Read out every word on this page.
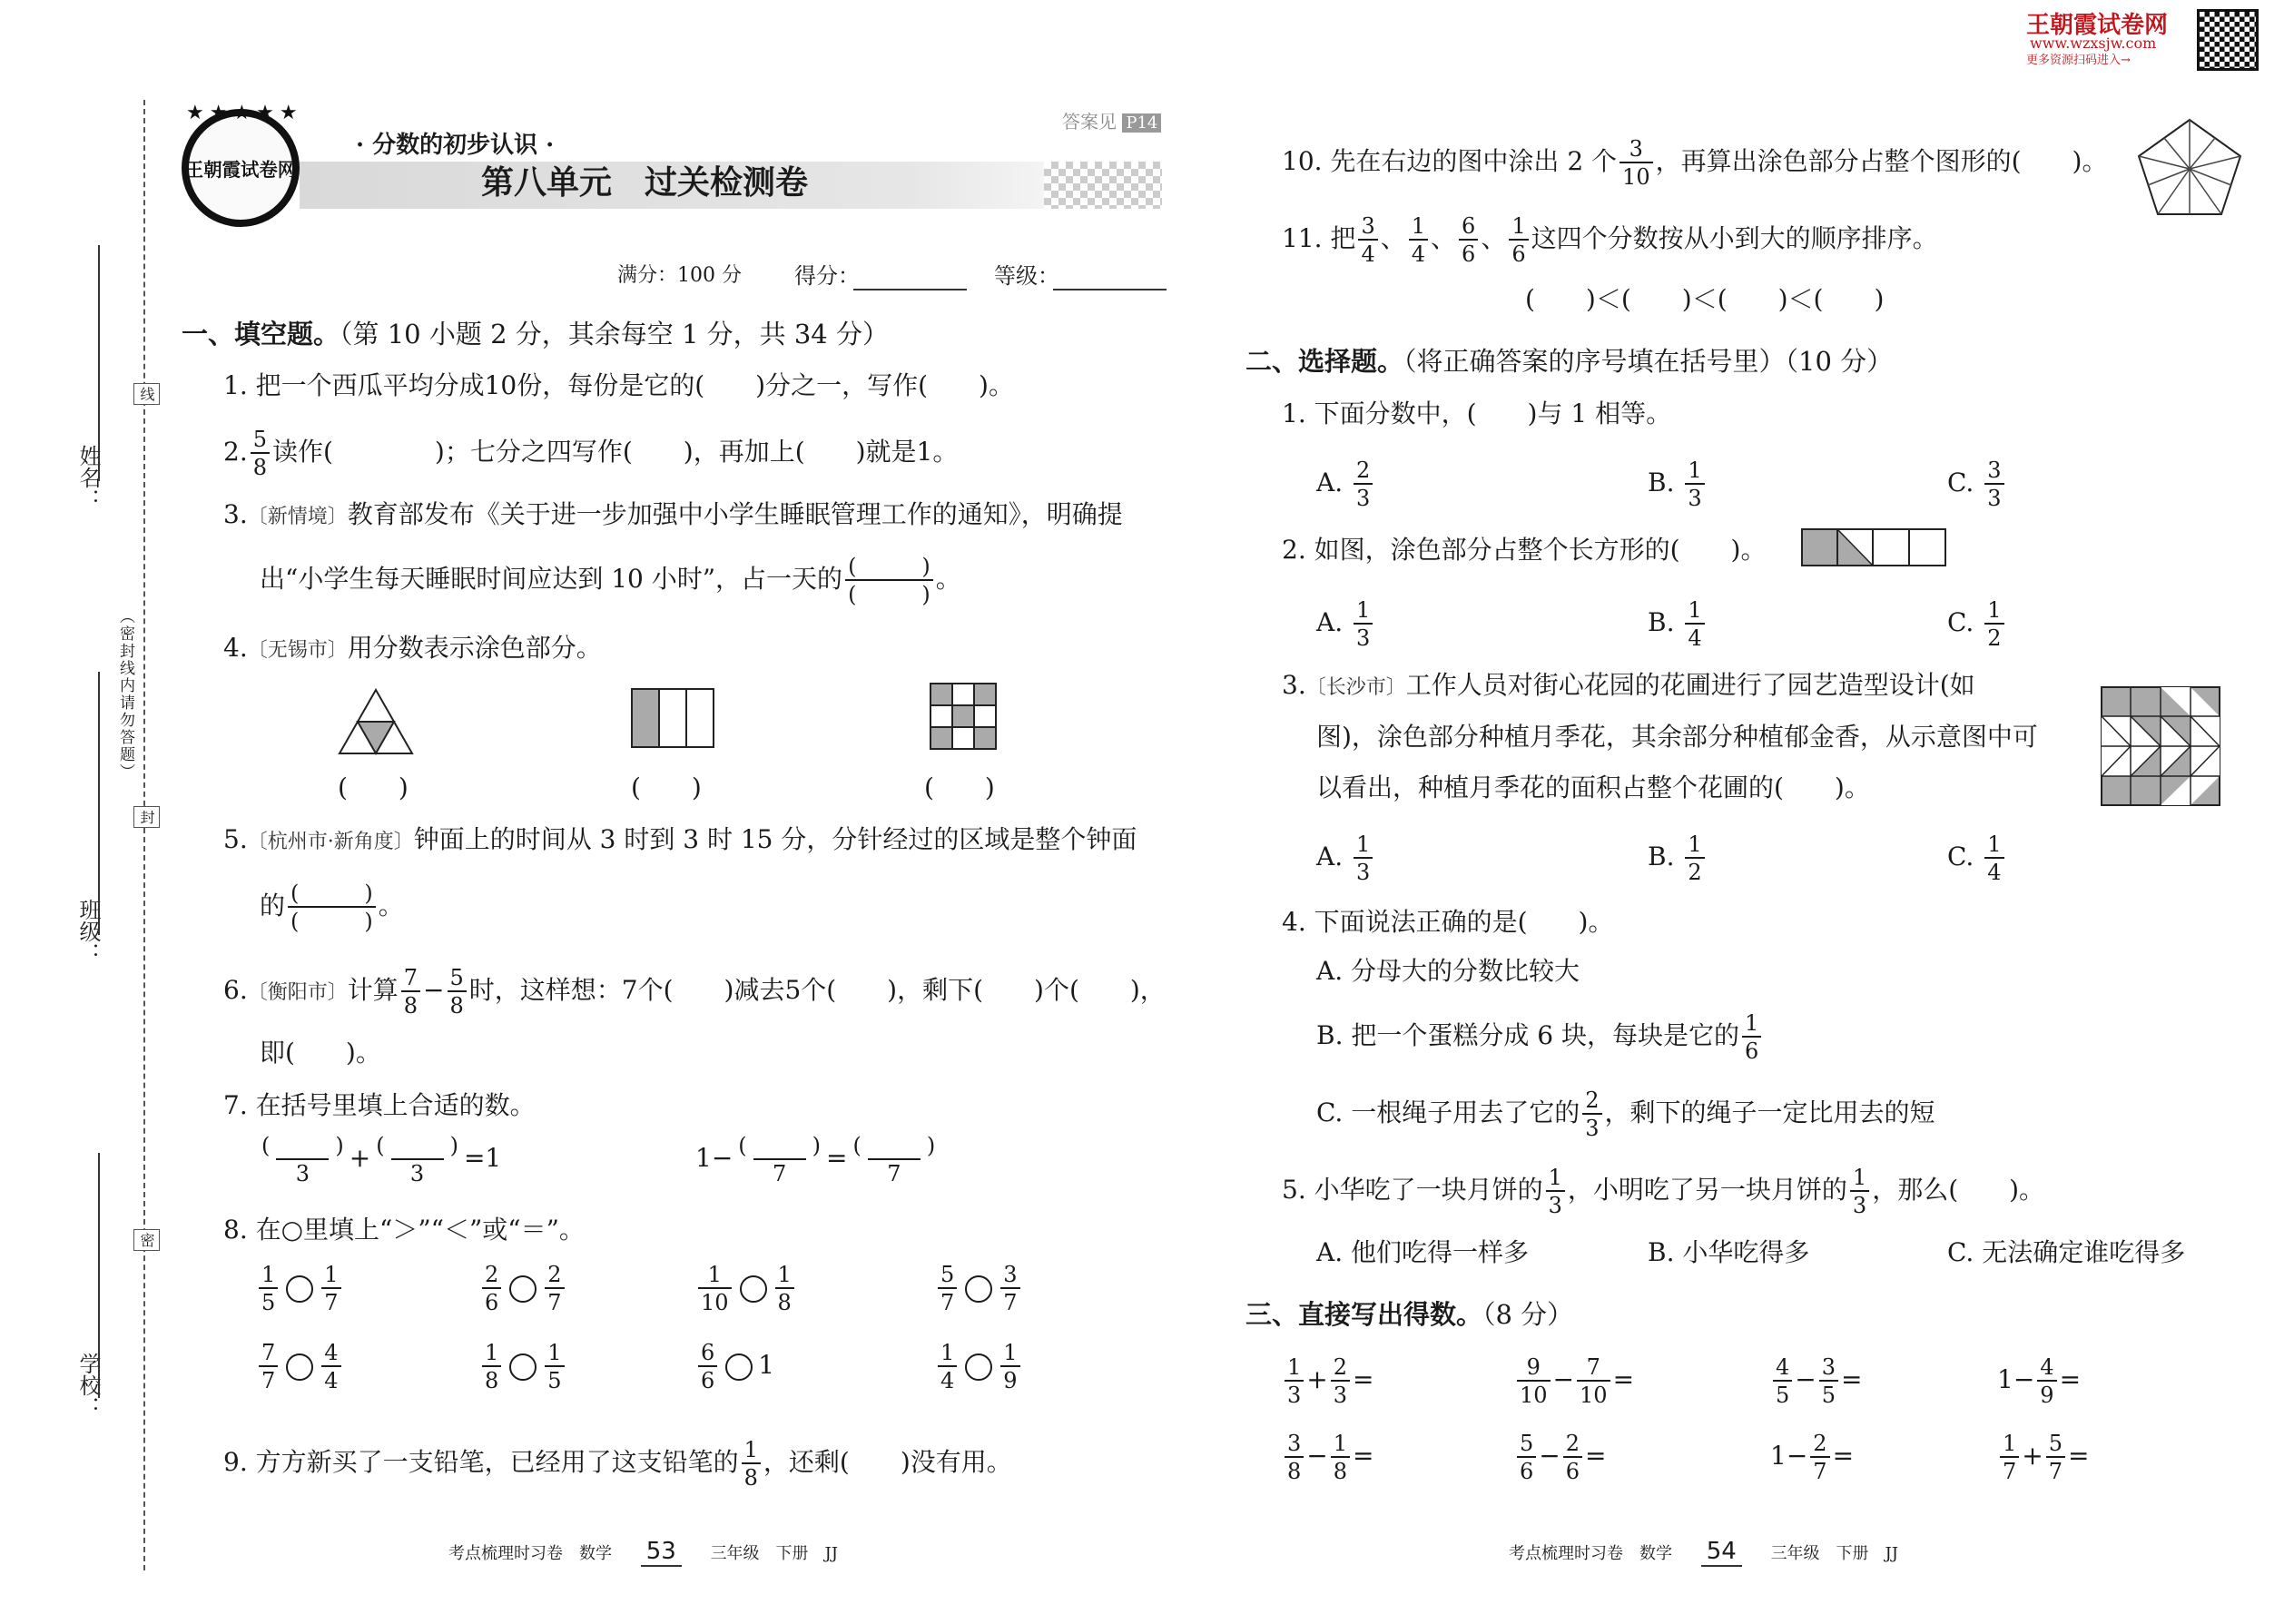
姓名：
班级：
学校：
线
封
密
（密封线内请勿答题）
王朝霞试卷网
★★★★★
· 分数的初步认识 ·
第八单元　过关检测卷
答案见 P14
满分：100 分 得分：	等级：
王朝霞试卷网
www.wzxsjw.com
更多资源扫码进入→
一、填空题。（第 10 小题 2 分，其余每空 1 分，共 34 分）
1. 把一个西瓜平均分成10份，每份是它的(　　)分之一，写作(　　)。
2. $\frac{5}{8}$ 读作(　　　　)；七分之四写作(　　)，再加上(　　)就是1。
3.〔新情境〕教育部发布《关于进一步加强中小学生睡眠管理工作的通知》，明确提
出“小学生每天睡眠时间应达到 10 小时”，占一天的 $\frac{( )}{( )}$ 。
4.〔无锡市〕用分数表示涂色部分。
(　　)	(　　)	(　　)
5.〔杭州市·新角度〕钟面上的时间从 3 时到 3 时 15 分，分针经过的区域是整个钟面
的 $\frac{( )}{( )}$ 。
6.〔衡阳市〕计算 $\frac{7}{8} - \frac{5}{8}$ 时，这样想：7个(　　)减去5个(　　)，剩下(　　)个(　　)，
即(　　)。
7. 在括号里填上合适的数。
$\frac{( )}{3} + \frac{( )}{3} =1$	$1- \frac{( )}{7} = \frac{( )}{7}$
8. 在○里填上“＞”“＜”或“＝”。
$\frac{1}{5} \frac{1}{7}$	$\frac{2}{6} \frac{2}{7}$	$\frac{1}{10} \frac{1}{8}$	$\frac{5}{7} \frac{3}{7}$
$\frac{7}{7} \frac{4}{4}$	$\frac{1}{8} \frac{1}{5}$	$\frac{6}{6} 1$	$\frac{1}{4} \frac{1}{9}$
9. 方方新买了一支铅笔，已经用了这支铅笔的 $\frac{1}{8}$ ，还剩(　　)没有用。
10. 先在右边的图中涂出 2 个 $\frac{3}{10}$ ，再算出涂色部分占整个图形的(　　)。
11. 把 $\frac{3}{4}$ 、 $\frac{1}{4}$ 、 $\frac{6}{6}$ 、 $\frac{1}{6}$ 这四个分数按从小到大的顺序排序。
(　　)＜(　　)＜(　　)＜(　　)
二、选择题。（将正确答案的序号填在括号里）（10 分）
1. 下面分数中，(　　)与 1 相等。
A. $\frac{2}{3}$	B. $\frac{1}{3}$	C. $\frac{3}{3}$
2. 如图，涂色部分占整个长方形的(　　)。
A. $\frac{1}{3}$	B. $\frac{1}{4}$	C. $\frac{1}{2}$
3.〔长沙市〕工作人员对街心花园的花圃进行了园艺造型设计(如
图)，涂色部分种植月季花，其余部分种植郁金香，从示意图中可
以看出，种植月季花的面积占整个花圃的(　　)。
A. $\frac{1}{3}$	B. $\frac{1}{2}$	C. $\frac{1}{4}$
4. 下面说法正确的是(　　)。
A. 分母大的分数比较大
B. 把一个蛋糕分成 6 块，每块是它的 $\frac{1}{6}$
C. 一根绳子用去了它的 $\frac{2}{3}$ ，剩下的绳子一定比用去的短
5. 小华吃了一块月饼的 $\frac{1}{3}$ ，小明吃了另一块月饼的 $\frac{1}{3}$ ，那么(　　)。
A. 他们吃得一样多	B. 小华吃得多	C. 无法确定谁吃得多
三、直接写出得数。（8 分）
$\frac{1}{3} + \frac{2}{3}$ =	$\frac{9}{10} - \frac{7}{10}$ =	$\frac{4}{5} - \frac{3}{5}$ =	$1- \frac{4}{9}$ =
$\frac{3}{8} - \frac{1}{8}$ =	$\frac{5}{6} - \frac{2}{6}$ =	$1- \frac{2}{7}$ =	$\frac{1}{7} + \frac{5}{7}$ =
考点梳理时习卷　数学 53 三年级　下册　JJ	考点梳理时习卷　数学 54 三年级　下册　JJ
